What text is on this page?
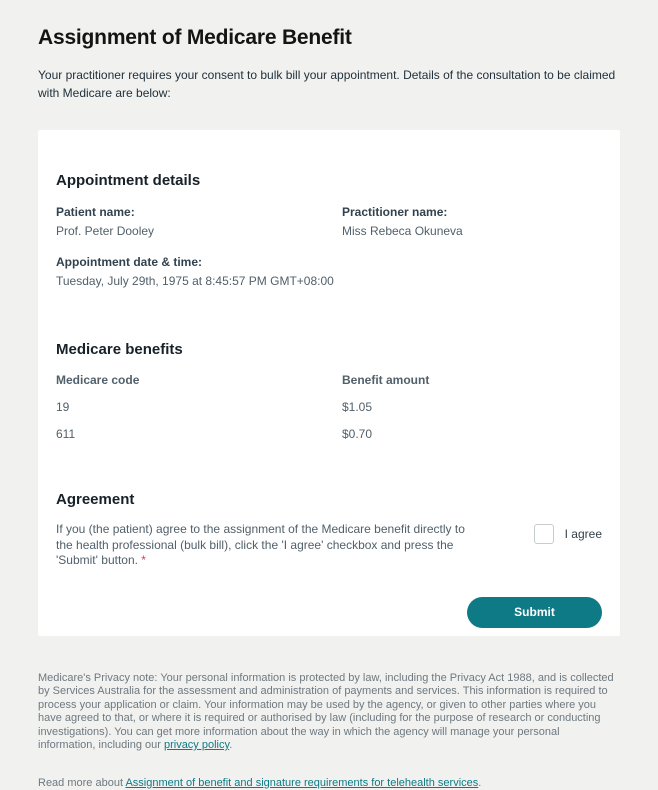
Assignment of Medicare Benefit

Your practitioner requires your consent to bulk bill your appointment. Details of the consultation to be claimed with Medicare are below:

Appointment details
Patient name:
Prof. Peter Dooley
Practitioner name:
Miss Rebeca Okuneva
Appointment date & time:
Tuesday, July 29th, 1975 at 8:45:57 PM GMT+08:00
Medicare benefits
Medicare code	Benefit amount
19	$1.05
611	$0.70
Agreement

If you (the patient) agree to the assignment of the Medicare benefit directly to the health professional (bulk bill), click the 'I agree' checkbox and press the 'Submit' button. *

I agree
Submit

Medicare's Privacy note: Your personal information is protected by law, including the Privacy Act 1988, and is collected by Services Australia for the assessment and administration of payments and services. This information is required to process your application or claim. Your information may be used by the agency, or given to other parties where you have agreed to that, or where it is required or authorised by law (including for the purpose of research or conducting investigations). You can get more information about the way in which the agency will manage your personal information, including our privacy policy.

Read more about Assignment of benefit and signature requirements for telehealth services.
